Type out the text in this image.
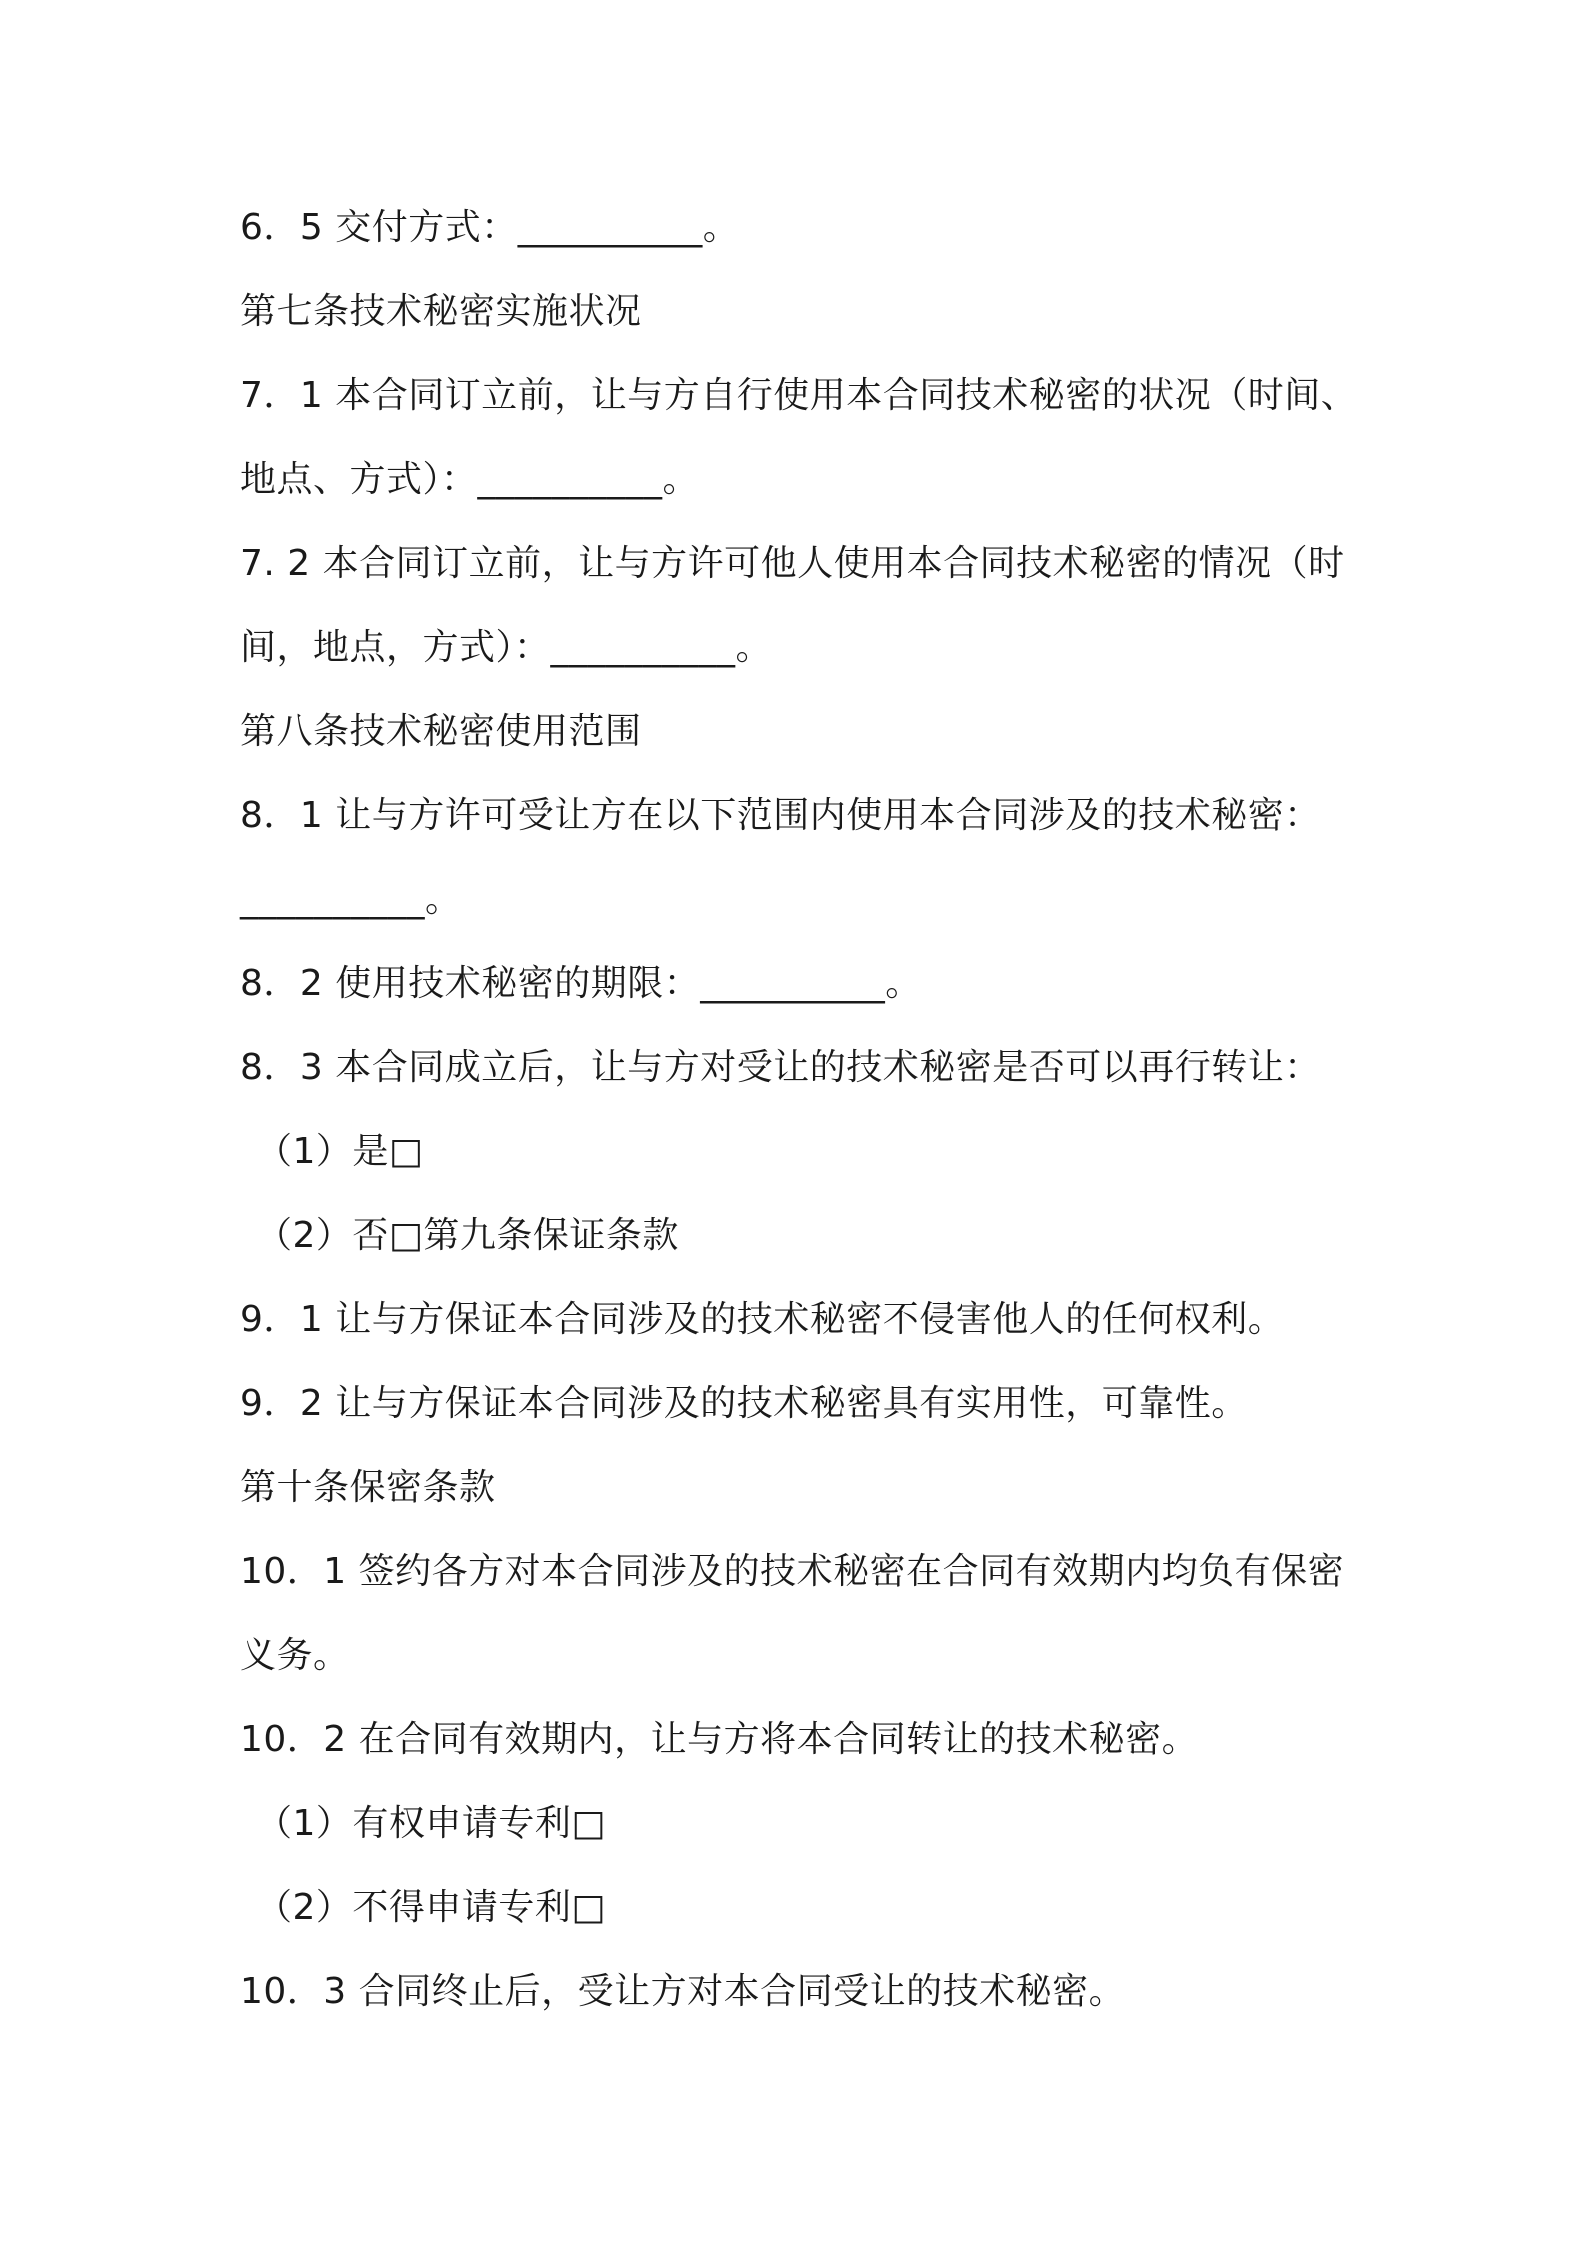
6．5 交付方式：__________。

第七条技术秘密实施状况

7．1 本合同订立前，让与方自行使用本合同技术秘密的状况（时间、

地点、方式）：__________。

7. 2 本合同订立前，让与方许可他人使用本合同技术秘密的情况（时

间，地点，方式）：__________。

第八条技术秘密使用范围

8．1 让与方许可受让方在以下范围内使用本合同涉及的技术秘密：

__________。

8．2 使用技术秘密的期限：__________。

8．3 本合同成立后，让与方对受让的技术秘密是否可以再行转让：

（1）是□

（2）否□第九条保证条款

9．1 让与方保证本合同涉及的技术秘密不侵害他人的任何权利。

9．2 让与方保证本合同涉及的技术秘密具有实用性，可靠性。

第十条保密条款

10．1 签约各方对本合同涉及的技术秘密在合同有效期内均负有保密

义务。

10．2 在合同有效期内，让与方将本合同转让的技术秘密。

（1）有权申请专利□

（2）不得申请专利□

10．3 合同终止后，受让方对本合同受让的技术秘密。
